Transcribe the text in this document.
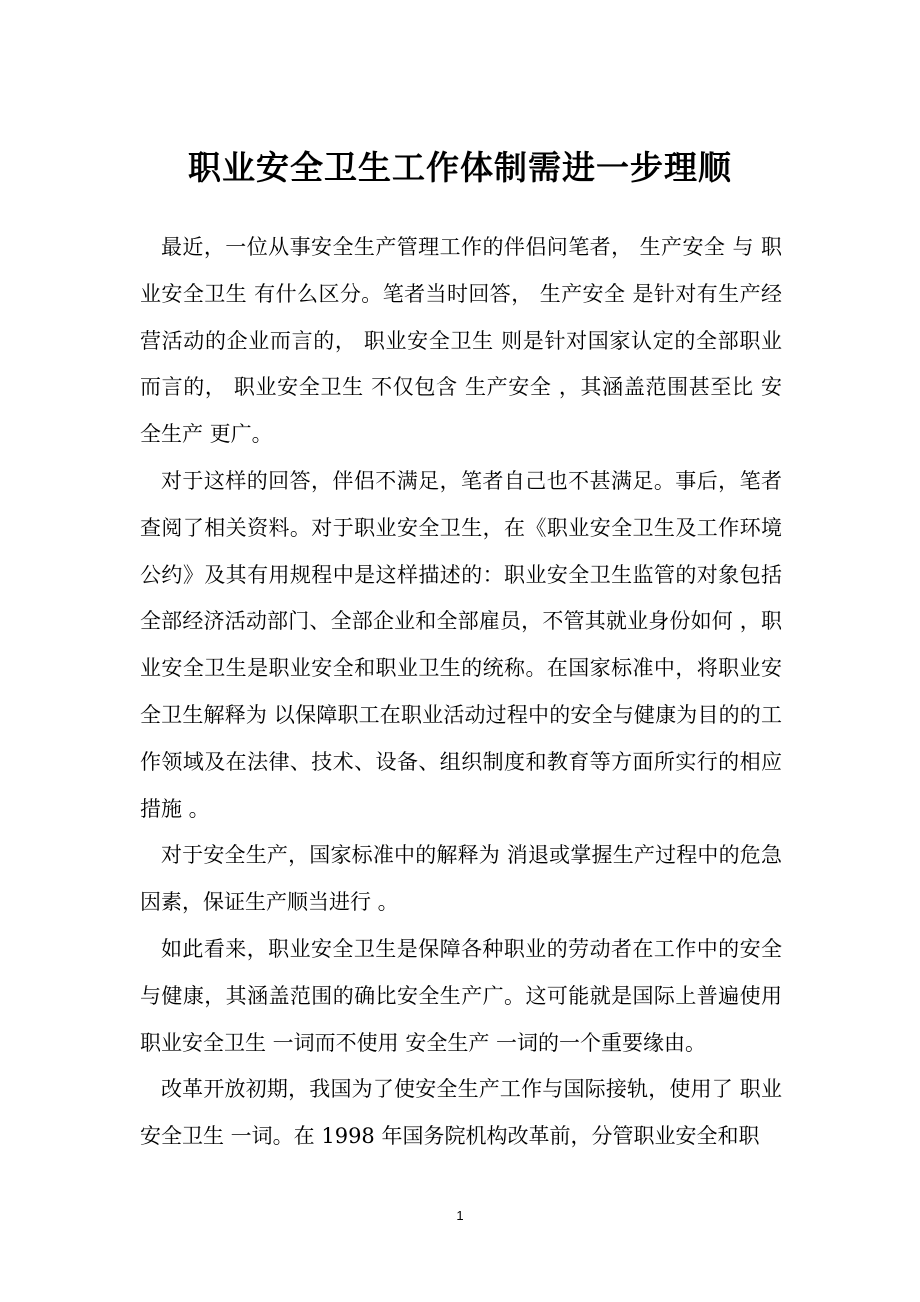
职业安全卫生工作体制需进一步理顺

最近，一位从事安全生产管理工作的伴侣问笔者， 生产安全 与 职业安全卫生 有什么区分。笔者当时回答， 生产安全 是针对有生产经营活动的企业而言的， 职业安全卫生 则是针对国家认定的全部职业而言的， 职业安全卫生 不仅包含 生产安全 ，其涵盖范围甚至比 安全生产 更广。

对于这样的回答，伴侣不满足，笔者自己也不甚满足。事后，笔者查阅了相关资料。对于职业安全卫生，在《职业安全卫生及工作环境公约》及其有用规程中是这样描述的：职业安全卫生监管的对象包括全部经济活动部门、全部企业和全部雇员，不管其就业身份如何 ，职业安全卫生是职业安全和职业卫生的统称。在国家标准中，将职业安全卫生解释为 以保障职工在职业活动过程中的安全与健康为目的的工作领域及在法律、技术、设备、组织制度和教育等方面所实行的相应措施 。

对于安全生产，国家标准中的解释为 消退或掌握生产过程中的危急因素，保证生产顺当进行 。

如此看来，职业安全卫生是保障各种职业的劳动者在工作中的安全与健康，其涵盖范围的确比安全生产广。这可能就是国际上普遍使用 职业安全卫生 一词而不使用 安全生产 一词的一个重要缘由。

改革开放初期，我国为了使安全生产工作与国际接轨，使用了 职业安全卫生 一词。在 1998 年国务院机构改革前，分管职业安全和职

1
